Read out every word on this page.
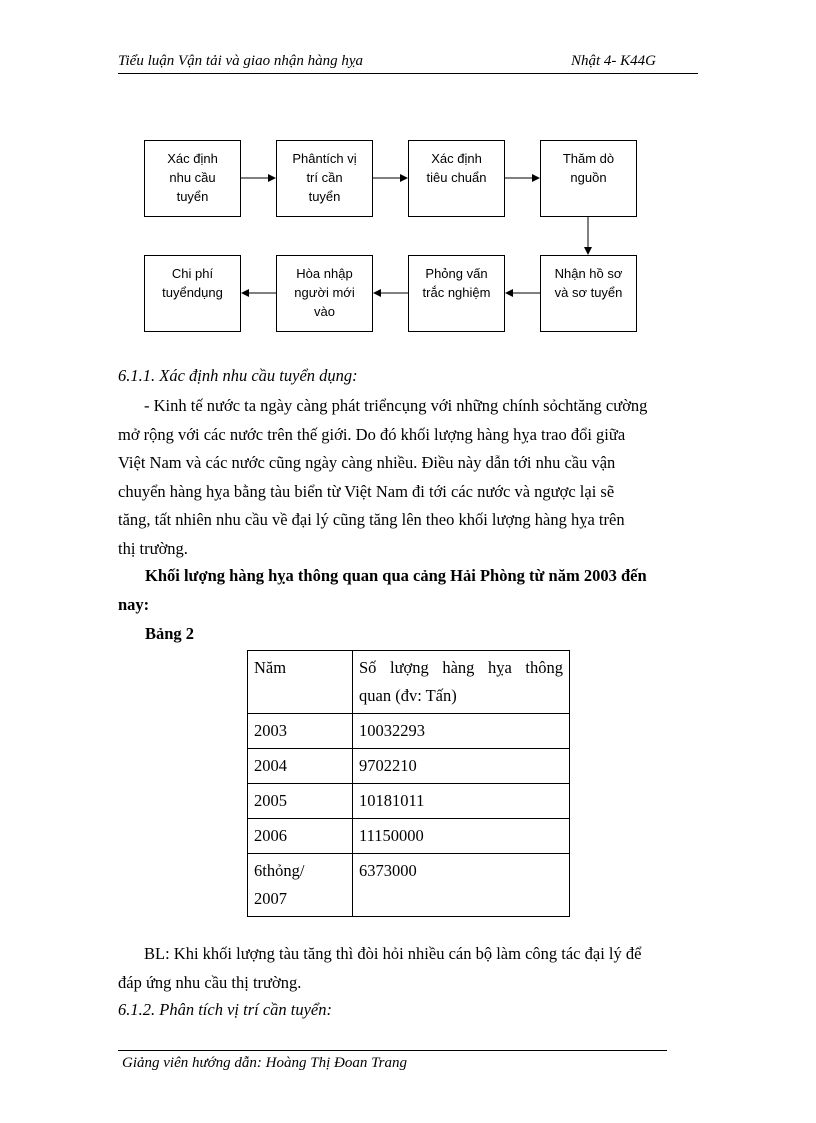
Tiểu luận Vận tải và giao nhận hàng hỵa	Nhật 4- K44G
Xác định
nhu cầu
tuyển
Phântích vị
trí cần
tuyển
Xác định
tiêu chuẩn
Thăm dò
nguồn
Chi phí
tuyểndụng
Hòa nhập
người mới
vào
Phỏng vấn
trắc nghiệm
Nhận hồ sơ
và sơ tuyển
6.1.1. Xác định nhu cầu tuyển dụng:
- Kinh tế nước ta ngày càng phát triểncụng với những chính sỏchtăng cường
mở rộng với các nước trên thế giới. Do đó khối lượng hàng hỵa trao đổi giữa
Việt Nam và các nước cũng ngày càng nhiều. Điều này dẫn tới nhu cầu vận
chuyển hàng hỵa bằng tàu biển từ Việt Nam đi tới các nước và ngược lại sẽ
tăng, tất nhiên nhu cầu về đại lý cũng tăng lên theo khối lượng hàng hỵa trên
thị trường.
Khối lượng hàng hỵa thông quan qua cảng Hải Phòng từ năm 2003 đến
nay:
Bảng 2
Năm	Số lượng hàng hỵa thông
quan (đv: Tấn)

2003	10032293
2004	9702210
2005	10181011
2006	11150000

6thỏng/
2007	6373000
BL: Khi khối lượng tàu tăng thì đòi hỏi nhiều cán bộ làm công tác đại lý để
đáp ứng nhu cầu thị trường.
6.1.2. Phân tích vị trí cần tuyển:
Giảng viên hướng dẫn: Hoàng Thị Đoan Trang
